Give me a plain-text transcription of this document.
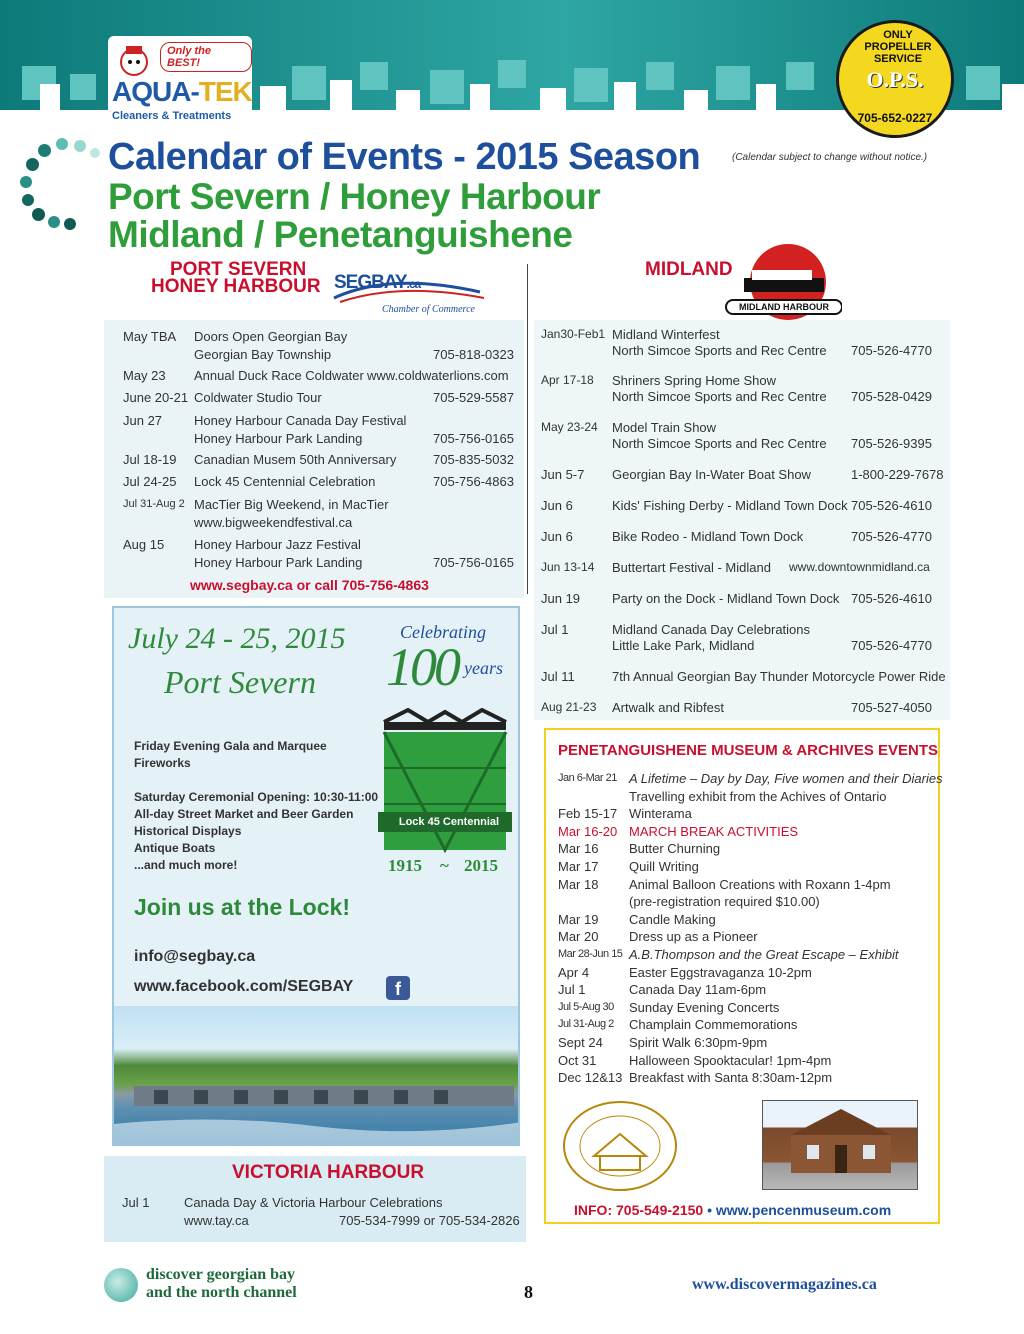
Only the BEST!
AQUA-TEK
Cleaners & Treatments
ONLY PROPELLER SERVICE
O.P.S.
705-652-0227
Calendar of Events - 2015 Season	(Calendar subject to change without notice.)
Port Severn / Honey Harbour
Midland / Penetanguishene
PORT SEVERN
HONEY HARBOUR SEGBAY.ca
Chamber of Commerce
May TBA Doors Open Georgian Bay
Georgian Bay Township	705-818-0323
May 23 Annual Duck Race Coldwater www.coldwaterlions.com
June 20-21 Coldwater Studio Tour	705-529-5587
Jun 27 Honey Harbour Canada Day Festival
Honey Harbour Park Landing	705-756-0165
Jul 18-19 Canadian Musem 50th Anniversary	705-835-5032
Jul 24-25 Lock 45 Centennial Celebration	705-756-4863
Jul 31-Aug 2 MacTier Big Weekend, in MacTier
www.bigweekendfestival.ca
Aug 15 Honey Harbour Jazz Festival
Honey Harbour Park Landing	705-756-0165
www.segbay.ca or call 705-756-4863
MIDLAND
MIDLAND HARBOUR
Jan30-Feb1 Midland Winterfest
North Simcoe Sports and Rec Centre 705-526-4770
Apr 17-18 Shriners Spring Home Show
North Simcoe Sports and Rec Centre 705-528-0429
May 23-24 Model Train Show
North Simcoe Sports and Rec Centre 705-526-9395
Jun 5-7 Georgian Bay In-Water Boat Show	1-800-229-7678
Jun 6	Kids' Fishing Derby - Midland Town Dock 705-526-4610
Jun 6	Bike Rodeo - Midland Town Dock	705-526-4770
Jun 13-14 Buttertart Festival - Midland www.downtownmidland.ca
Jun 19 Party on the Dock - Midland Town Dock 705-526-4610
Jul 1	Midland Canada Day Celebrations
Little Lake Park, Midland	705-526-4770
Jul 11	7th Annual Georgian Bay Thunder Motorcycle Power Ride
Aug 21-23 Artwalk and Ribfest	705-527-4050
July 24 - 25, 2015
Port Severn
Celebrating
100 years
Lock 45 Centennial
1915 ~ 2015
Friday Evening Gala and Marquee
Fireworks
Saturday Ceremonial Opening: 10:30-11:00
All-day Street Market and Beer Garden
Historical Displays
Antique Boats
...and much more!
Join us at the Lock!
info@segbay.ca
www.facebook.com/SEGBAY	f
VICTORIA HARBOUR
Jul 1	Canada Day & Victoria Harbour Celebrations
www.tay.ca	705-534-7999 or 705-534-2826
PENETANGUISHENE MUSEUM & ARCHIVES EVENTS
Jan 6-Mar 21 A Lifetime – Day by Day, Five women and their Diaries
Travelling exhibit from the Achives of Ontario
Feb 15-17 Winterama
Mar 16-20 MARCH BREAK ACTIVITIES
Mar 16 Butter Churning
Mar 17 Quill Writing
Mar 18 Animal Balloon Creations with Roxann 1-4pm
(pre-registration required $10.00)
Mar 19 Candle Making
Mar 20 Dress up as a Pioneer
Mar 28-Jun 15 A.B.Thompson and the Great Escape – Exhibit
Apr 4	Easter Eggstravaganza 10-2pm
Jul 1	Canada Day 11am-6pm
Jul 5-Aug 30 Sunday Evening Concerts
Jul 31-Aug 2 Champlain Commemorations
Sept 24 Spirit Walk 6:30pm-9pm
Oct 31	Halloween Spooktacular! 1pm-4pm
Dec 12&13 Breakfast with Santa 8:30am-12pm
INFO: 705-549-2150 • www.pencenmuseum.com
discover georgian bay
and the north channel	8	www.discovermagazines.ca
